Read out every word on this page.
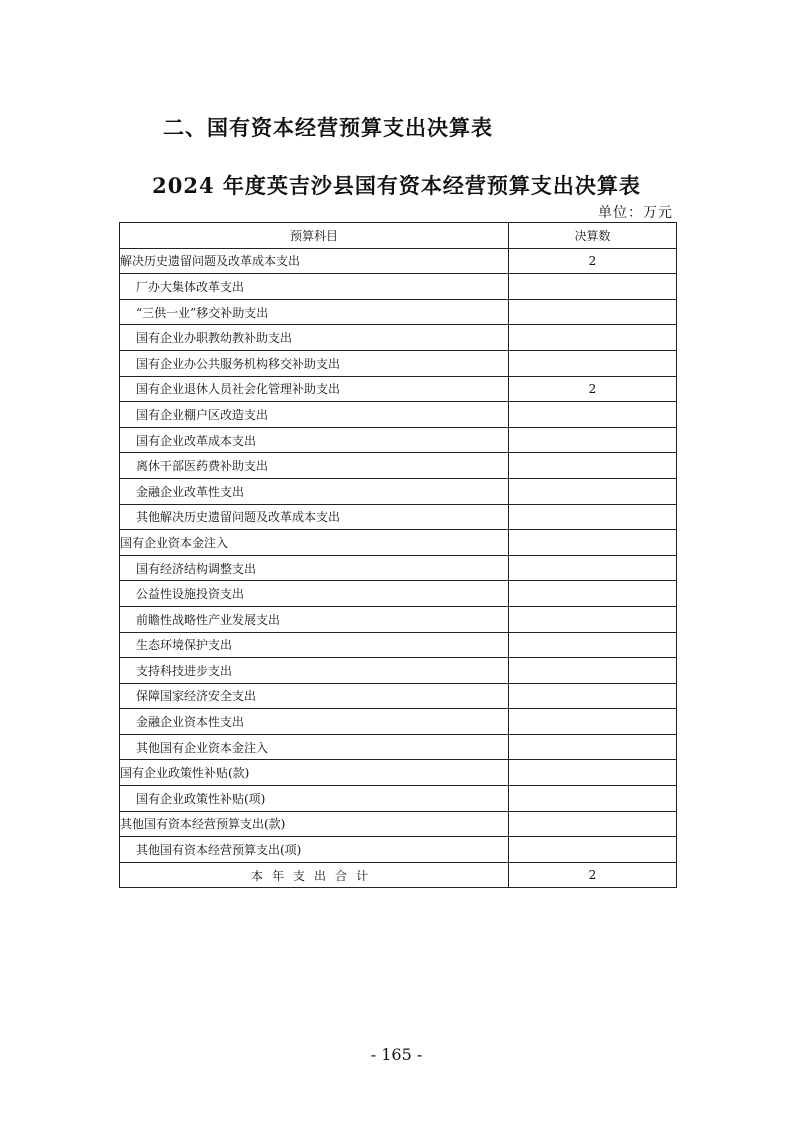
二、国有资本经营预算支出决算表
2024 年度英吉沙县国有资本经营预算支出决算表
单位：万元
预算科目	决算数
解决历史遗留问题及改革成本支出	2
厂办大集体改革支出	
“三供一业”移交补助支出	
国有企业办职教幼教补助支出	
国有企业办公共服务机构移交补助支出	
国有企业退休人员社会化管理补助支出	2
国有企业棚户区改造支出	
国有企业改革成本支出	
离休干部医药费补助支出	
金融企业改革性支出	
其他解决历史遗留问题及改革成本支出	
国有企业资本金注入	
国有经济结构调整支出	
公益性设施投资支出	
前瞻性战略性产业发展支出	
生态环境保护支出	
支持科技进步支出	
保障国家经济安全支出	
金融企业资本性支出	
其他国有企业资本金注入	
国有企业政策性补贴(款)	
国有企业政策性补贴(项)	
其他国有资本经营预算支出(款)	
其他国有资本经营预算支出(项)	
本年支出合计	2
- 165 -
